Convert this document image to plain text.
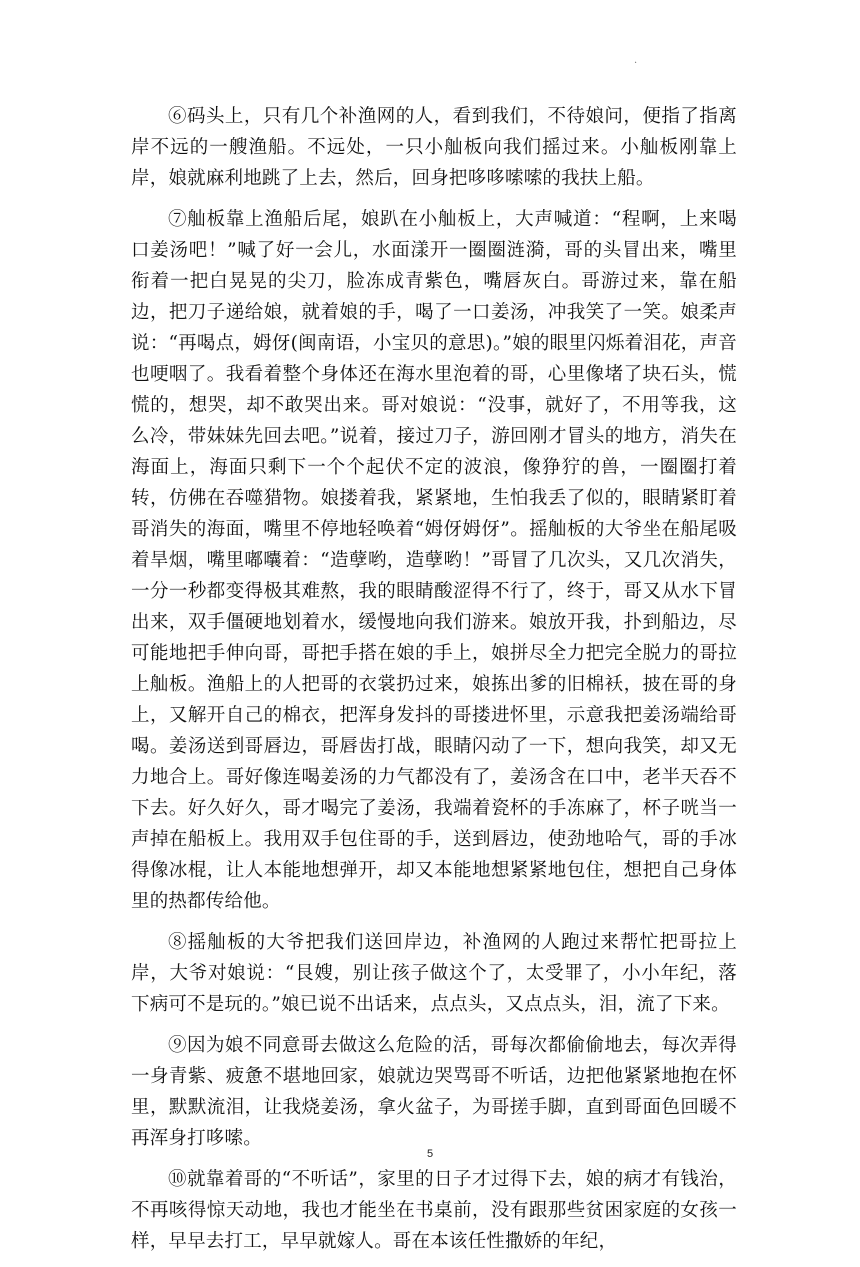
.

⑥码头上，只有几个补渔网的人，看到我们，不待娘问，便指了指离岸不远的一艘渔船。不远处，一只小舢板向我们摇过来。小舢板刚靠上岸，娘就麻利地跳了上去，然后，回身把哆哆嗦嗦的我扶上船。

⑦舢板靠上渔船后尾，娘趴在小舢板上，大声喊道：“程啊，上来喝口姜汤吧！”喊了好一会儿，水面漾开一圈圈涟漪，哥的头冒出来，嘴里衔着一把白晃晃的尖刀，脸冻成青紫色，嘴唇灰白。哥游过来，靠在船边，把刀子递给娘，就着娘的手，喝了一口姜汤，冲我笑了一笑。娘柔声说：“再喝点，姆伢(闽南语，小宝贝的意思)。”娘的眼里闪烁着泪花，声音也哽咽了。我看着整个身体还在海水里泡着的哥，心里像堵了块石头，慌慌的，想哭，却不敢哭出来。哥对娘说：“没事，就好了，不用等我，这么冷，带妹妹先回去吧。”说着，接过刀子，游回刚才冒头的地方，消失在海面上，海面只剩下一个个起伏不定的波浪，像狰狞的兽，一圈圈打着转，仿佛在吞噬猎物。娘搂着我，紧紧地，生怕我丢了似的，眼睛紧盯着哥消失的海面，嘴里不停地轻唤着“姆伢姆伢”。摇舢板的大爷坐在船尾吸着旱烟，嘴里嘟囔着：“造孽哟，造孽哟！”哥冒了几次头，又几次消失，一分一秒都变得极其难熬，我的眼睛酸涩得不行了，终于，哥又从水下冒出来，双手僵硬地划着水，缓慢地向我们游来。娘放开我，扑到船边，尽可能地把手伸向哥，哥把手搭在娘的手上，娘拼尽全力把完全脱力的哥拉上舢板。渔船上的人把哥的衣裳扔过来，娘拣出爹的旧棉袄，披在哥的身上，又解开自己的棉衣，把浑身发抖的哥搂进怀里，示意我把姜汤端给哥喝。姜汤送到哥唇边，哥唇齿打战，眼睛闪动了一下，想向我笑，却又无力地合上。哥好像连喝姜汤的力气都没有了，姜汤含在口中，老半天吞不下去。好久好久，哥才喝完了姜汤，我端着瓷杯的手冻麻了，杯子咣当一声掉在船板上。我用双手包住哥的手，送到唇边，使劲地哈气，哥的手冰得像冰棍，让人本能地想弹开，却又本能地想紧紧地包住，想把自己身体里的热都传给他。

⑧摇舢板的大爷把我们送回岸边，补渔网的人跑过来帮忙把哥拉上岸，大爷对娘说：“艮嫂，别让孩子做这个了，太受罪了，小小年纪，落下病可不是玩的。”娘已说不出话来，点点头，又点点头，泪，流了下来。

⑨因为娘不同意哥去做这么危险的活，哥每次都偷偷地去，每次弄得一身青紫、疲惫不堪地回家，娘就边哭骂哥不听话，边把他紧紧地抱在怀里，默默流泪，让我烧姜汤，拿火盆子，为哥搓手脚，直到哥面色回暖不再浑身打哆嗦。

⑩就靠着哥的“不听话”，家里的日子才过得下去，娘的病才有钱治，不再咳得惊天动地，我也才能坐在书桌前，没有跟那些贫困家庭的女孩一样，早早去打工，早早就嫁人。哥在本该任性撒娇的年纪，

5
